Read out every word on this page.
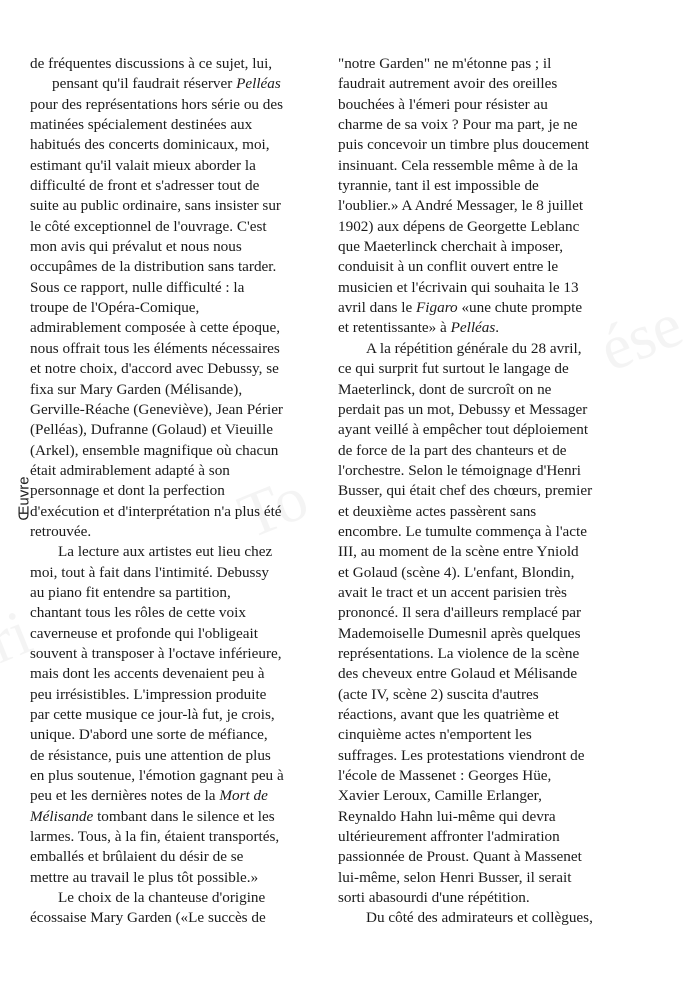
Œuvre
de fréquentes discussions à ce sujet, lui,
pensant qu'il faudrait réserver Pelléas
pour des représentations hors série ou des
matinées spécialement destinées aux
habitués des concerts dominicaux, moi,
estimant qu'il valait mieux aborder la
difficulté de front et s'adresser tout de
suite au public ordinaire, sans insister sur
le côté exceptionnel de l'ouvrage. C'est
mon avis qui prévalut et nous nous
occupâmes de la distribution sans tarder.
Sous ce rapport, nulle difficulté : la
troupe de l'Opéra-Comique,
admirablement composée à cette époque,
nous offrait tous les éléments nécessaires
et notre choix, d'accord avec Debussy, se
fixa sur Mary Garden (Mélisande),
Gerville-Réache (Geneviève), Jean Périer
(Pelléas), Dufranne (Golaud) et Vieuille
(Arkel), ensemble magnifique où chacun
était admirablement adapté à son
personnage et dont la perfection
d'exécution et d'interprétation n'a plus été
retrouvée.
La lecture aux artistes eut lieu chez
moi, tout à fait dans l'intimité. Debussy
au piano fit entendre sa partition,
chantant tous les rôles de cette voix
caverneuse et profonde qui l'obligeait
souvent à transposer à l'octave inférieure,
mais dont les accents devenaient peu à
peu irrésistibles. L'impression produite
par cette musique ce jour-là fut, je crois,
unique. D'abord une sorte de méfiance,
de résistance, puis une attention de plus
en plus soutenue, l'émotion gagnant peu à
peu et les dernières notes de la Mort de
Mélisande tombant dans le silence et les
larmes. Tous, à la fin, étaient transportés,
emballés et brûlaient du désir de se
mettre au travail le plus tôt possible.»
Le choix de la chanteuse d'origine
écossaise Mary Garden («Le succès de
"notre Garden" ne m'étonne pas ; il
faudrait autrement avoir des oreilles
bouchées à l'émeri pour résister au
charme de sa voix ? Pour ma part, je ne
puis concevoir un timbre plus doucement
insinuant. Cela ressemble même à de la
tyrannie, tant il est impossible de
l'oublier.» A André Messager, le 8 juillet
1902) aux dépens de Georgette Leblanc
que Maeterlinck cherchait à imposer,
conduisit à un conflit ouvert entre le
musicien et l'écrivain qui souhaita le 13
avril dans le Figaro «une chute prompte
et retentissante» à Pelléas.
A la répétition générale du 28 avril,
ce qui surprit fut surtout le langage de
Maeterlinck, dont de surcroît on ne
perdait pas un mot, Debussy et Messager
ayant veillé à empêcher tout déploiement
de force de la part des chanteurs et de
l'orchestre. Selon le témoignage d'Henri
Busser, qui était chef des chœurs, premier
et deuxième actes passèrent sans
encombre. Le tumulte commença à l'acte
III, au moment de la scène entre Yniold
et Golaud (scène 4). L'enfant, Blondin,
avait le tract et un accent parisien très
prononcé. Il sera d'ailleurs remplacé par
Mademoiselle Dumesnil après quelques
représentations. La violence de la scène
des cheveux entre Golaud et Mélisande
(acte IV, scène 2) suscita d'autres
réactions, avant que les quatrième et
cinquième actes n'emportent les
suffrages. Les protestations viendront de
l'école de Massenet : Georges Hüe,
Xavier Leroux, Camille Erlanger,
Reynaldo Hahn lui-même qui devra
ultérieurement affronter l'admiration
passionnée de Proust. Quant à Massenet
lui-même, selon Henri Busser, il serait
sorti abasourdi d'une répétition.
Du côté des admirateurs et collègues,
